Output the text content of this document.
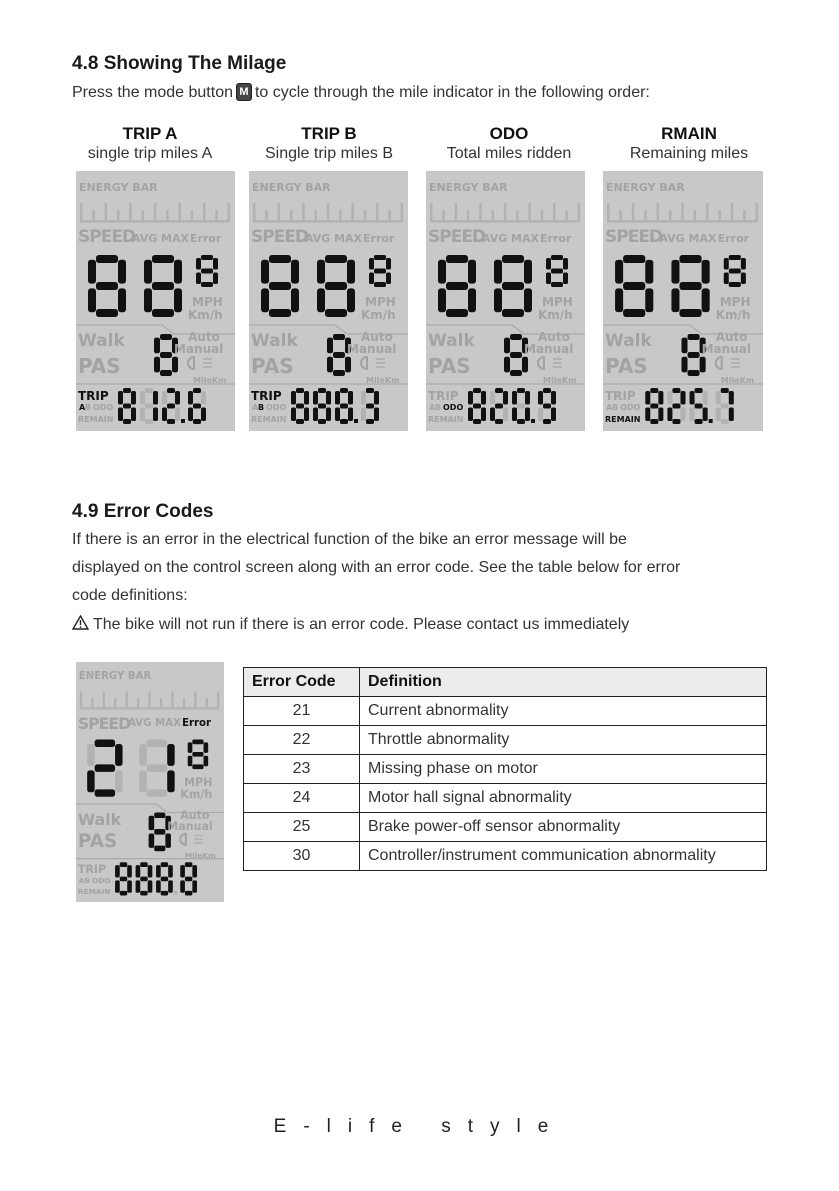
4.8 Showing The Milage
Press the mode button M to cycle through the mile indicator in the following order:
TRIP A
single trip miles A
TRIP B
Single trip miles B
ODO
Total miles ridden
RMAIN
Remaining miles
ENERGY BAR
SPEED
AVG MAX Error
MPH
Km/h
Walk
PAS
Auto
Manual
MileKm
TRIP
A B ODO
REMAIN
ENERGY BAR
SPEED
AVG MAX Error
MPH
Km/h
Walk
PAS
Auto
Manual
MileKm
TRIP
A B ODO
REMAIN
ENERGY BAR
SPEED
AVG MAX Error
MPH
Km/h
Walk
PAS
Auto
Manual
MileKm
TRIP
A B ODO
REMAIN
ENERGY BAR
SPEED
AVG MAX Error
MPH
Km/h
Walk
PAS
Auto
Manual
MileKm
TRIP
A B ODO
REMAIN
4.9 Error Codes
If there is an error in the electrical function of the bike an error message will be
displayed on the control screen along with an error code. See the table below for error
code definitions:
The bike will not run if there is an error code. Please contact us immediately
ENERGY BAR
SPEED
AVG MAX Error
MPH
Km/h
Walk
PAS
Auto
Manual
MileKm
TRIP
A B ODO
REMAIN
Error Code	Definition
21	Current abnormality
22	Throttle abnormality
23	Missing phase on motor
24	Motor hall signal abnormality
25	Brake power-off sensor abnormality
30	Controller/instrument communication abnormality
E-life style
